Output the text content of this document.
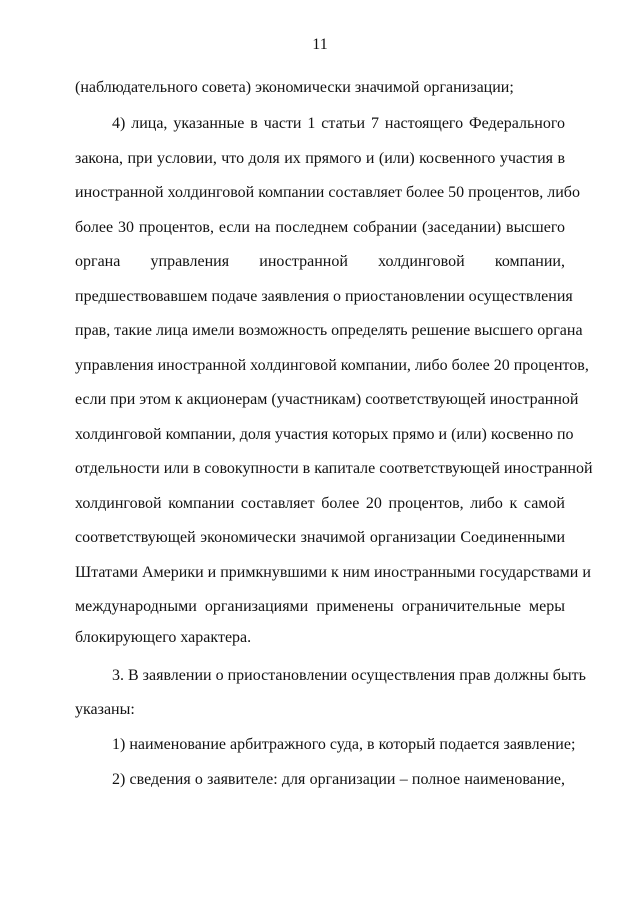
11
(наблюдательного совета) экономически значимой организации;
4) лица, указанные в части 1 статьи 7 настоящего Федерального
закона, при условии, что доля их прямого и (или) косвенного участия в
иностранной холдинговой компании составляет более 50 процентов, либо
более 30 процентов, если на последнем собрании (заседании) высшего
органа управления иностранной холдинговой компании,
предшествовавшем подаче заявления о приостановлении осуществления
прав, такие лица имели возможность определять решение высшего органа
управления иностранной холдинговой компании, либо более 20 процентов,
если при этом к акционерам (участникам) соответствующей иностранной
холдинговой компании, доля участия которых прямо и (или) косвенно по
отдельности или в совокупности в капитале соответствующей иностранной
холдинговой компании составляет более 20 процентов, либо к самой
соответствующей экономически значимой организации Соединенными
Штатами Америки и примкнувшими к ним иностранными государствами и
международными организациями применены ограничительные меры
блокирующего характера.
3. В заявлении о приостановлении осуществления прав должны быть
указаны:
1) наименование арбитражного суда, в который подается заявление;
2) сведения о заявителе: для организации – полное наименование,
